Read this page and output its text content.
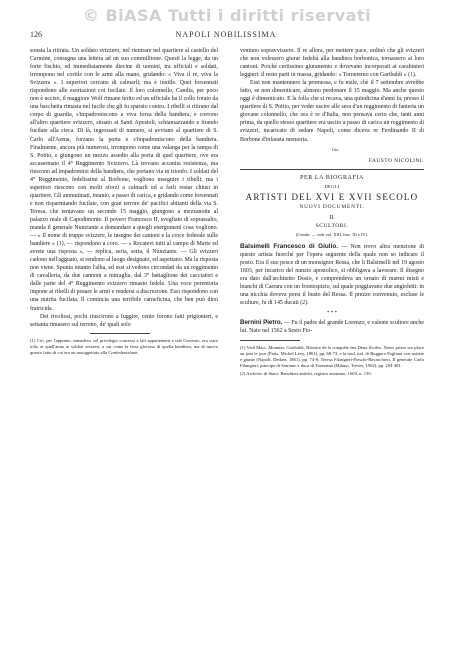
© BiASA Tutti i diritti riservati
126	NAPOLI NOBILISSIMA

sonata la ritirata. Un soldato svizzero, nel rientrare nel quartiere al castello del Carmine, consegna una lettera ad un suo commilitone. Questi la legge, da un forte fischio, ed immediatamente diecine di uomini, tra ufficiali e soldati, irrompono nel cortile con le armi alla mano, gridando: « Viva il re, viva la Svizzera ». I superiori cercano di calmarli; ma è inutile. Quei forsennati rispondono alle esortazioni coi fucilate. Il loro colonnello, Candia, per poco non è ucciso, il maggiore Wolf rimane ferito ed un ufficiale ha il collo forato da una bacchetta rimasta nel fucile che gli fu sparato contro. I ribelli si ritirano dal corpo di guardia, s'impadroniscono a viva forza della bandiera, e corrono all'altro quartiere svizzero, situato ai Santi Apostoli, schiamazzando e tirando fucilate alla cieca. Di là, ingrossati di numero, si avviano al quartiere di S. Carlo all'Arena, forzano la porta e s'impadroniscono della bandiera. Finalmente, ancora più numerosi, irrompono come una valanga per la rampa di S. Potito, e giungono un mezzo assedio alla porta di quel quartiere, ove era accasermato il 4° Reggimento Svizzero. Là trovano accanita resistenza, ma riescono ad impadronirsi della bandiera, che portano via in trionfo. I soldati del 4° Reggimento, fedelissimi al Borbone, vogliono inseguire i ribelli; ma i superiori riescono con molti sforzi a calmarli ed a farli restar chiusi in quartiere. Gli ammutinati, intanto, a passo di carica, e gridando come forsennati e non risparmiando fucilate, con gran terrore de' pacifici abitanti della via S. Teresa, che tentavano un secondo 15 maggio, giungono a mezzanotte al palazzo reale di Capodimonte. Il povero Francesco II, svegliato di soprassalto, manda il generale Nunziante a domandare a quegli energumeni cosa vogliono. — « Il nome di truppe svizzere, le insegne dei cantoni e la croce federale sulle bandiere » (1), — rispondono a coro. — « Recatevi tutti al campo di Marte ed avrete una risposta », — replica, seria, seria, il Nunziante. — Gli svizzeri cadono nell'agguato, si rendono al luogo designato, ed aspettano. Ma la risposta non viene. Spunta intanto l'alba, ed essi si vedono circondati da un reggimento di cavalleria, da due cannoni a mitraglia, dal 3° battaglione dei cacciatori e dalle parte del 4° Reggimento svizzero rimasto fedele. Una voce perentoria impone ai ribelli di posare le armi e rendersi a discrezione. Essi rispondono con una nutrita fucilata. Il comincia una terribile carneficina, che ben può dirsi fratricida.

Dei rivoltosi, pochi riuscirono a fuggire, cento furono fatti prigionieri, e settanta rimasero sul terreno, de' quali solo

(1) Ciò, per l'appunto, intendevo col privilegio concessi a tali appartenenti a tale Governo, era stato tolto ai quell'anno ai soldati svizzeri, a cui come la fissa gloriosa di quella bandiera, ma di nuovo questo fatto di cui era un assoggettato alla Confederazione.

ventuno sopravvissero. Il re allora, per mettere pace, ordinò che gli svizzeri che non volessero giurar fedeltà alla bandiera borbonica, tornassero ai loro cantoni. Poiché certissimo giuramento e dovevano incorporati ai carabinieri leggieri: il resto parti in massa, gridando: « Torneremo con Garibaldi » (1).

Essi non mantennero la promessa, e fu male, chè il 7 settembre avrebbe fatto, se non dimenticare, almeno perdonare il 15 maggio. Ma anche questo oggi è dimenticato. E la folla che si recava, una quindicina d'anni fa, presso il quartiere di S. Potito, per veder uscire alle sera d'un reggimento di fanteria un giovane colonnello, che ora è re d'Italia, non pensava certo che, tanti anni prima, da quello stesso quartiere era uscito a passo di carica un reggimento di svizzeri, incaricato di sedare Napoli, come diceva re Ferdinando II di Borbone d'infausta memoria.

Gio.
FAUSTO NICOLINI.
PER LA BIOGRAFIA
DEGLI
ARTISTI DEL XVI E XVII SECOLO
NUOVI DOCUMENTI.
II.
SCULTORI.
(Contin. — vedi vol. XIII, fasc. III e IV).

Balsimelli Francesco di Giulio. — Non trovo altra menzione di questo artista fuorché per l'opera seguente della quale non so indicare il posto. Era il suo pesce di un monsignor Ressa, che li Balsimelli nel 19 agosto 1603, per incarico del nunzio apostolico, si obbligava a lavorare. Il disegno era dato dall'architetto Dosio, e comprendeva un ornato di marmi misti e bianchi di Carrara con un frontespizio, sul quale poggiavano due angioletti: in una nicchia doveva porsi il busto del Ressa. Il prezzo convenuto, escluse le sculture, fu di 145 ducati (2).

* * *

Bernini Pietro. — Fu il padre del grande Lorenzo, e valente scultore anche lui. Nato nel 1562 a Sesto Fio-

(1) Vedi Marc. Monnier, Garibaldi, Histoire de la conquête des Deux Siciles, Notes prises sur place au jour le jour (Paris, Michel Lévy, 1861), pp. 68-73, e la trad. ital. di Ruggero Pagliani con notizie e giunte (Napoli, Detken, 1861), pp. 74-8; Teresa Filangieri-Fieschi-Ravaschieri, Il generale Carlo Filangieri, principe di Satriano e duca di Taormina (Milano, Treves, 1902), pp. 294-301.

(2) Archivio di Stato: Banchieri antichi, registro anonimo, 1603, n. 130.
